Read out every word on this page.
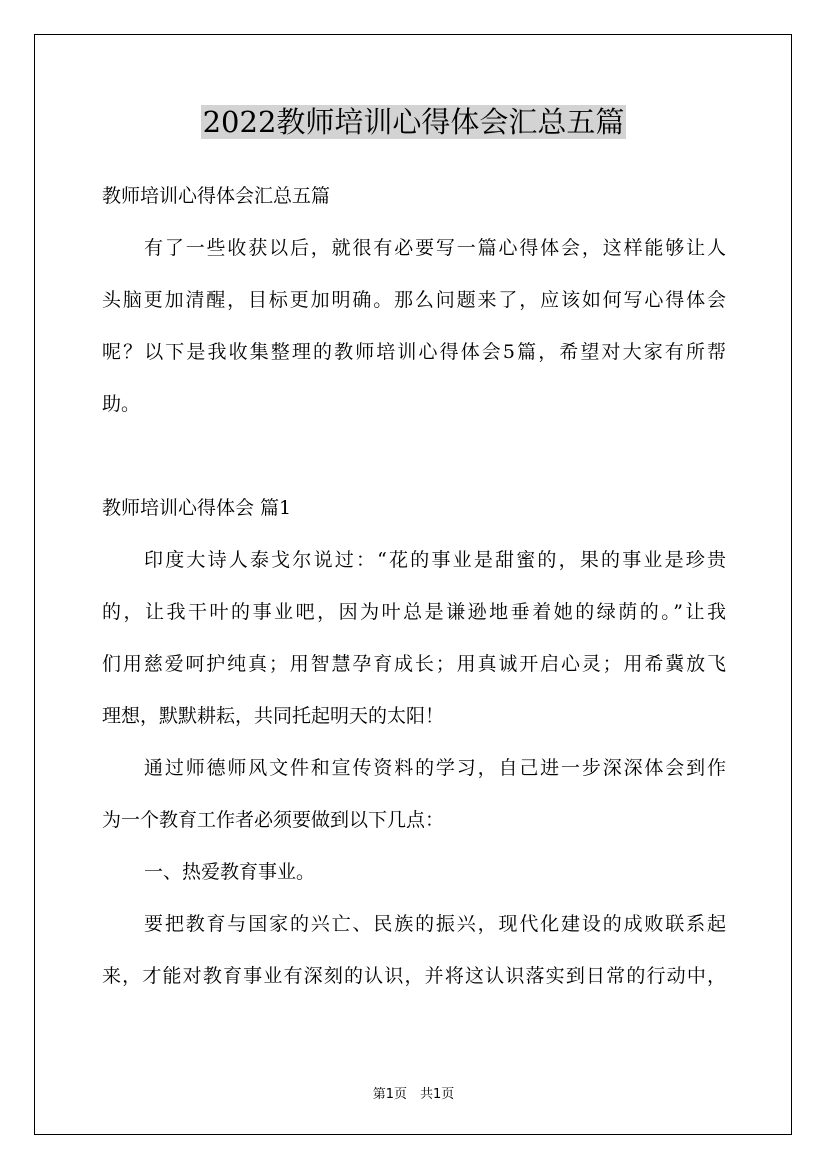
2022教师培训心得体会汇总五篇

教师培训心得体会汇总五篇

有了一些收获以后，就很有必要写一篇心得体会，这样能够让人

头脑更加清醒，目标更加明确。那么问题来了，应该如何写心得体会

呢？以下是我收集整理的教师培训心得体会5篇，希望对大家有所帮

助。

教师培训心得体会 篇1

印度大诗人泰戈尔说过：“花的事业是甜蜜的，果的事业是珍贵

的，让我干叶的事业吧，因为叶总是谦逊地垂着她的绿荫的。”让我

们用慈爱呵护纯真；用智慧孕育成长；用真诚开启心灵；用希冀放飞

理想，默默耕耘，共同托起明天的太阳！

通过师德师风文件和宣传资料的学习，自己进一步深深体会到作

为一个教育工作者必须要做到以下几点：

一、热爱教育事业。

要把教育与国家的兴亡、民族的振兴，现代化建设的成败联系起

来，才能对教育事业有深刻的认识，并将这认识落实到日常的行动中，

第1页　共1页
